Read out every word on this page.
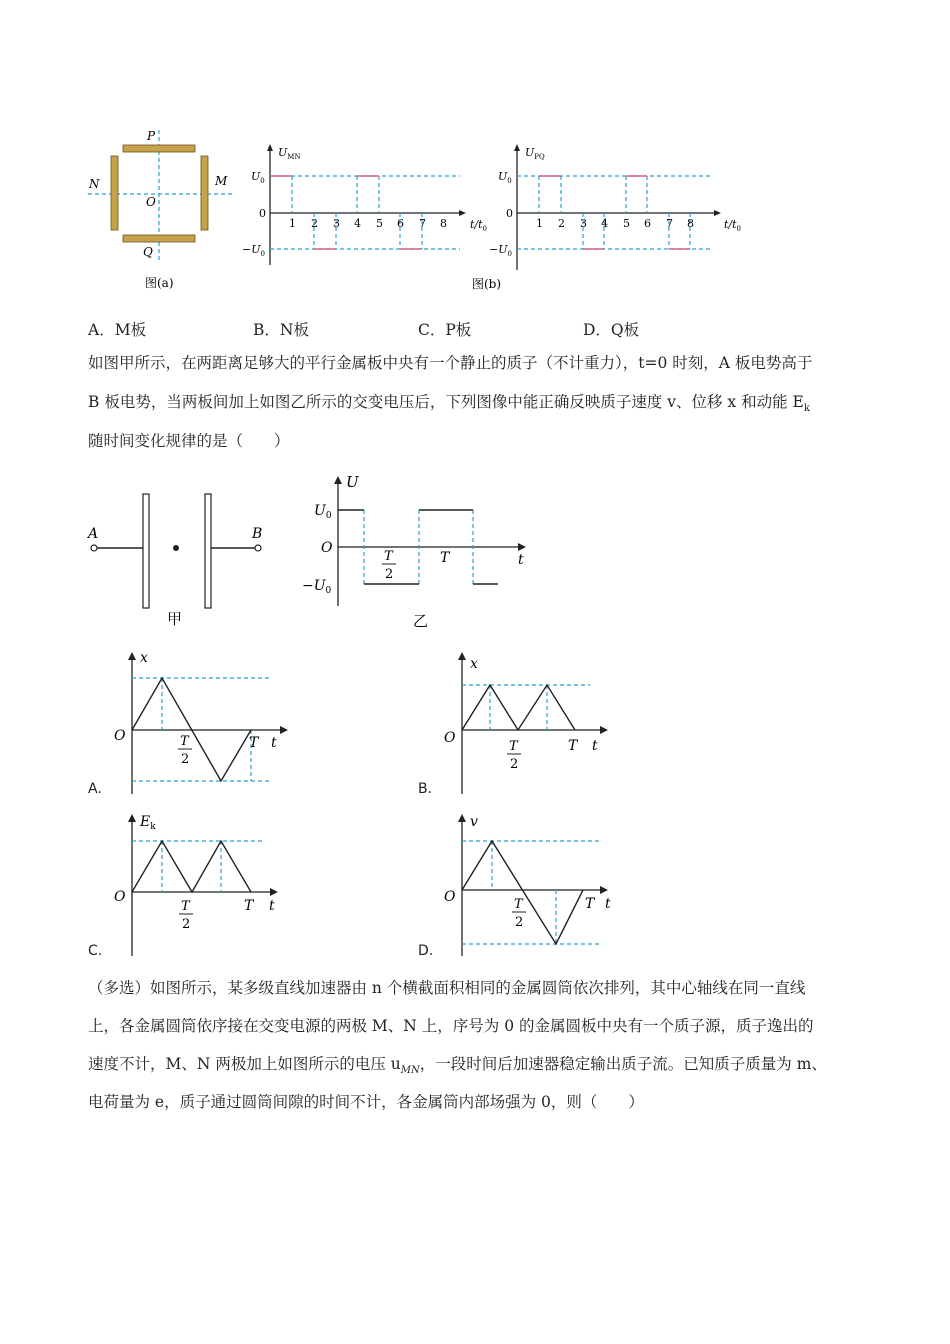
P
N	M
O
Q
图(a)
$U_{MN}$
$U_0$
$-U_0$
0
1 2 3 4 5 6 7 8 $t/t_0$
$U_{PQ}$
$U_0$
$-U_0$
0
1 2 3 4 5 6 7 8	$t/t_0$
图(b)
A．M板	B．N板	C．P板	D．Q板
如图甲所示，在两距离足够大的平行金属板中央有一个静止的质子（不计重力），t=0 时刻，A 板电势高于
B 板电势，当两板间加上如图乙所示的交变电压后，下列图像中能正确反映质子速度 v、位移 x 和动能 $E_k$
随时间变化规律的是（　　）
A	B
甲
U
$U_0$
O
$-U_0$
T
2
T	t
乙
A.
x
O	T
2
T t
B.
x
O
T
2
T t
C.
$E_k$
O
T
2
T t
D.
v
O	T
2
T t
（多选）如图所示，某多级直线加速器由 n 个横截面积相同的金属圆筒依次排列，其中心轴线在同一直线
上，各金属圆筒依序接在交变电源的两极 M、N 上，序号为 0 的金属圆板中央有一个质子源，质子逸出的
速度不计，M、N 两极加上如图所示的电压 $u_{MN}$，一段时间后加速器稳定输出质子流。已知质子质量为 m、
电荷量为 e，质子通过圆筒间隙的时间不计，各金属筒内部场强为 0，则（　　）
